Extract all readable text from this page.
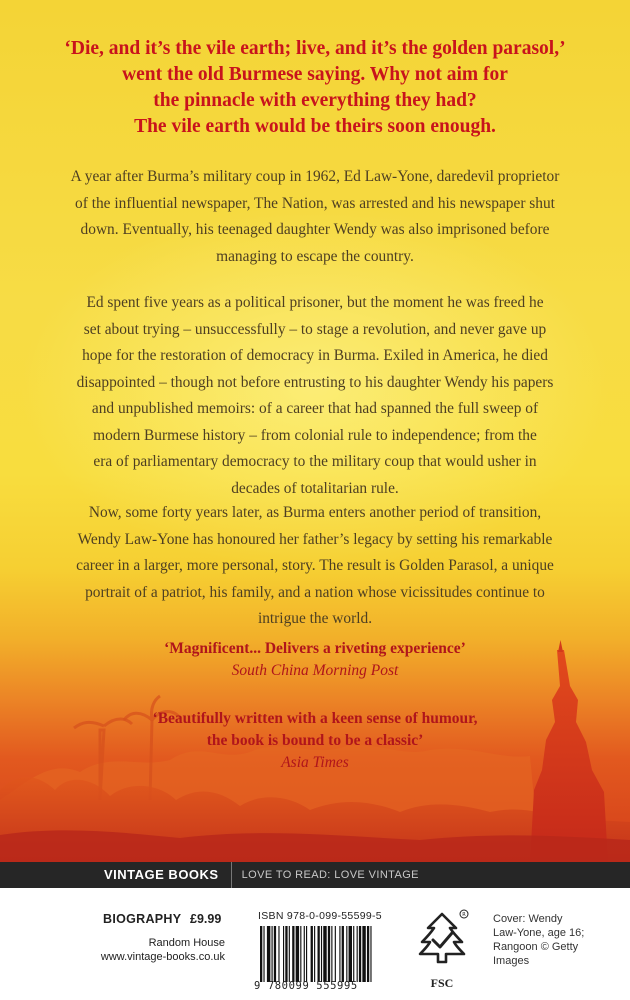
‘Die, and it’s the vile earth; live, and it’s the golden parasol,’
went the old Burmese saying. Why not aim for
the pinnacle with everything they had?
The vile earth would be theirs soon enough.
A year after Burma’s military coup in 1962, Ed Law-Yone, daredevil proprietor
of the influential newspaper, The Nation, was arrested and his newspaper shut
down. Eventually, his teenaged daughter Wendy was also imprisoned before
managing to escape the country.
Ed spent five years as a political prisoner, but the moment he was freed he
set about trying – unsuccessfully – to stage a revolution, and never gave up
hope for the restoration of democracy in Burma. Exiled in America, he died
disappointed – though not before entrusting to his daughter Wendy his papers
and unpublished memoirs: of a career that had spanned the full sweep of
modern Burmese history – from colonial rule to independence; from the
era of parliamentary democracy to the military coup that would usher in
decades of totalitarian rule.
Now, some forty years later, as Burma enters another period of transition,
Wendy Law-Yone has honoured her father’s legacy by setting his remarkable
career in a larger, more personal, story. The result is Golden Parasol, a unique
portrait of a patriot, his family, and a nation whose vicissitudes continue to
intrigue the world.
‘Magnificent... Delivers a riveting experience’
South China Morning Post
‘Beautifully written with a keen sense of humour,
the book is bound to be a classic’
Asia Times
VINTAGE BOOKS	LOVE TO READ: LOVE VINTAGE
BIOGRAPHY £9.99
Random House
www.vintage-books.co.uk
ISBN 978-0-099-55599-5
9 780099 555995
R
FSC
Cover: Wendy
Law-Yone, age 16;
Rangoon © Getty
Images
